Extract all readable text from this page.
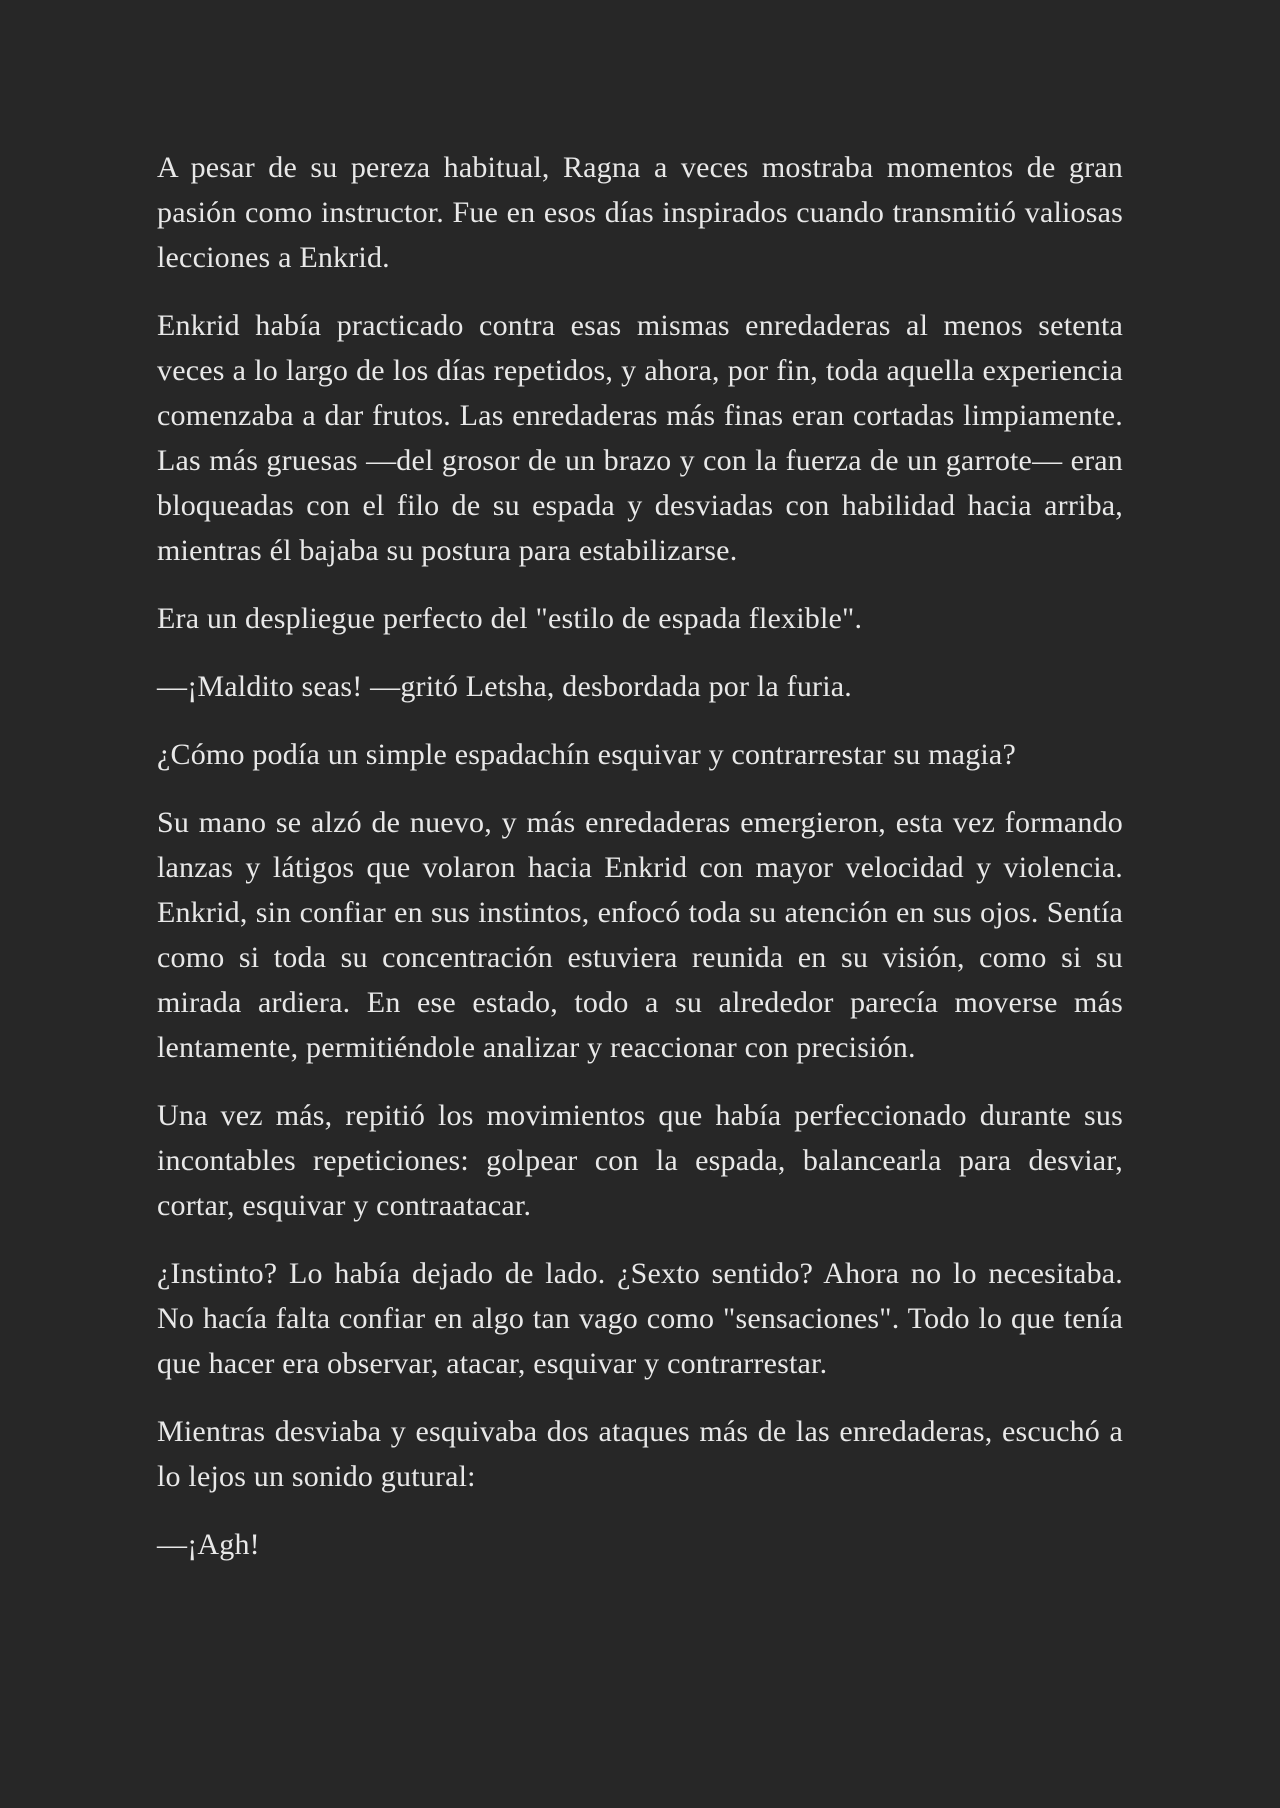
A pesar de su pereza habitual, Ragna a veces mostraba momentos de gran pasión como instructor. Fue en esos días inspirados cuando transmitió valiosas lecciones a Enkrid.

Enkrid había practicado contra esas mismas enredaderas al menos setenta veces a lo largo de los días repetidos, y ahora, por fin, toda aquella experiencia comenzaba a dar frutos. Las enredaderas más finas eran cortadas limpiamente. Las más gruesas —del grosor de un brazo y con la fuerza de un garrote— eran bloqueadas con el filo de su espada y desviadas con habilidad hacia arriba, mientras él bajaba su postura para estabilizarse.

Era un despliegue perfecto del "estilo de espada flexible".

—¡Maldito seas! —gritó Letsha, desbordada por la furia.

¿Cómo podía un simple espadachín esquivar y contrarrestar su magia?

Su mano se alzó de nuevo, y más enredaderas emergieron, esta vez formando lanzas y látigos que volaron hacia Enkrid con mayor velocidad y violencia. Enkrid, sin confiar en sus instintos, enfocó toda su atención en sus ojos. Sentía como si toda su concentración estuviera reunida en su visión, como si su mirada ardiera. En ese estado, todo a su alrededor parecía moverse más lentamente, permitiéndole analizar y reaccionar con precisión.

Una vez más, repitió los movimientos que había perfeccionado durante sus incontables repeticiones: golpear con la espada, balancearla para desviar, cortar, esquivar y contraatacar.

¿Instinto? Lo había dejado de lado. ¿Sexto sentido? Ahora no lo necesitaba. No hacía falta confiar en algo tan vago como "sensaciones". Todo lo que tenía que hacer era observar, atacar, esquivar y contrarrestar.

Mientras desviaba y esquivaba dos ataques más de las enredaderas, escuchó a lo lejos un sonido gutural:

—¡Agh!
